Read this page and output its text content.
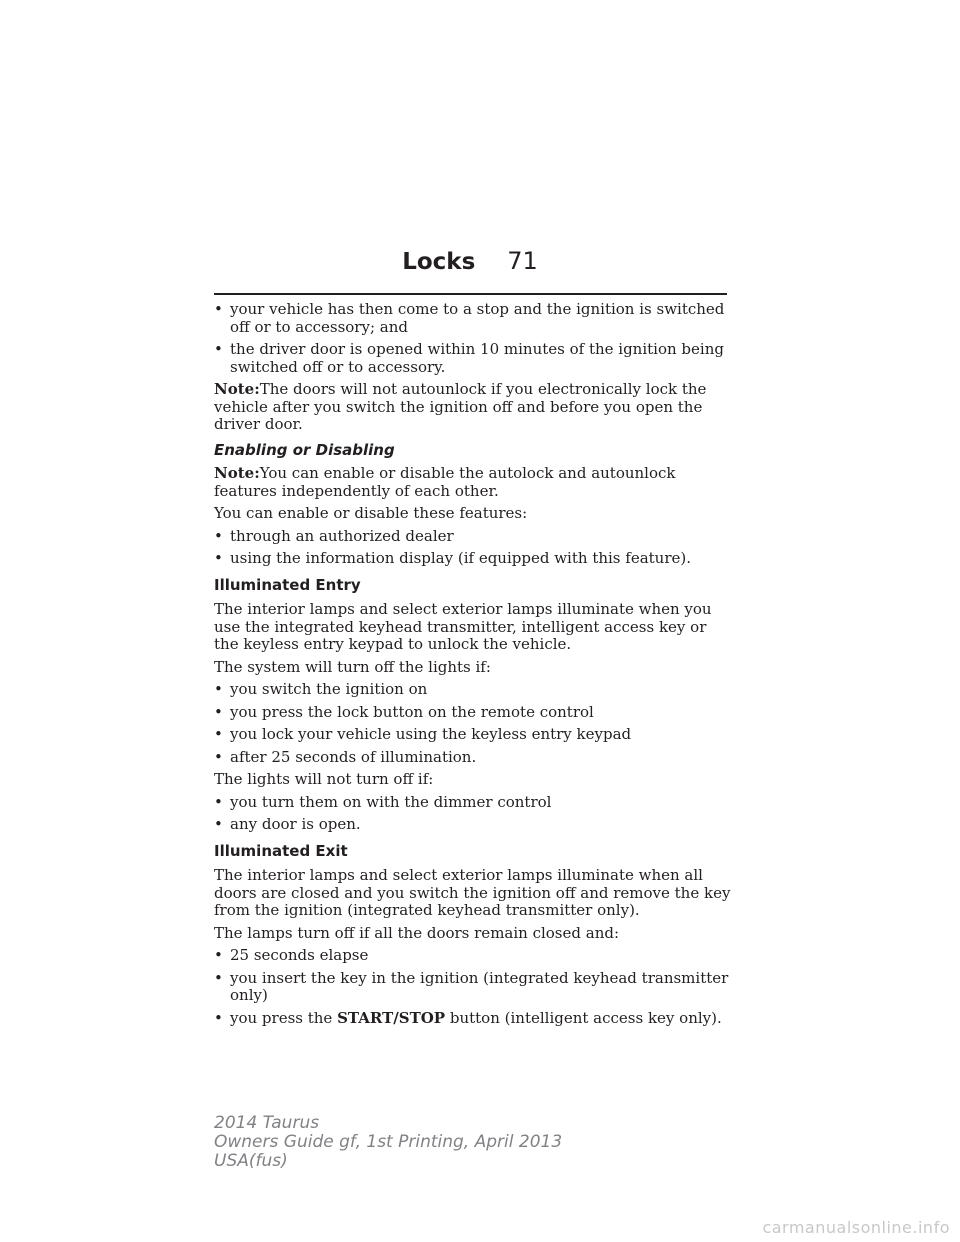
Locks 71
• your vehicle has then come to a stop and the ignition is switched off or to accessory; and
• the driver door is opened within 10 minutes of the ignition being switched off or to accessory.
Note:The doors will not autounlock if you electronically lock the vehicle after you switch the ignition off and before you open the driver door.
Enabling or Disabling
Note:You can enable or disable the autolock and autounlock features independently of each other.
You can enable or disable these features:
• through an authorized dealer
• using the information display (if equipped with this feature).
Illuminated Entry
The interior lamps and select exterior lamps illuminate when you use the integrated keyhead transmitter, intelligent access key or the keyless entry keypad to unlock the vehicle.
The system will turn off the lights if:
• you switch the ignition on
• you press the lock button on the remote control
• you lock your vehicle using the keyless entry keypad
• after 25 seconds of illumination.
The lights will not turn off if:
• you turn them on with the dimmer control
• any door is open.
Illuminated Exit
The interior lamps and select exterior lamps illuminate when all doors are closed and you switch the ignition off and remove the key from the ignition (integrated keyhead transmitter only).
The lamps turn off if all the doors remain closed and:
• 25 seconds elapse
• you insert the key in the ignition (integrated keyhead transmitter only)
• you press the START/STOP button (intelligent access key only).
2014 Taurus
Owners Guide gf, 1st Printing, April 2013
USA(fus)
carmanualsonline.info
